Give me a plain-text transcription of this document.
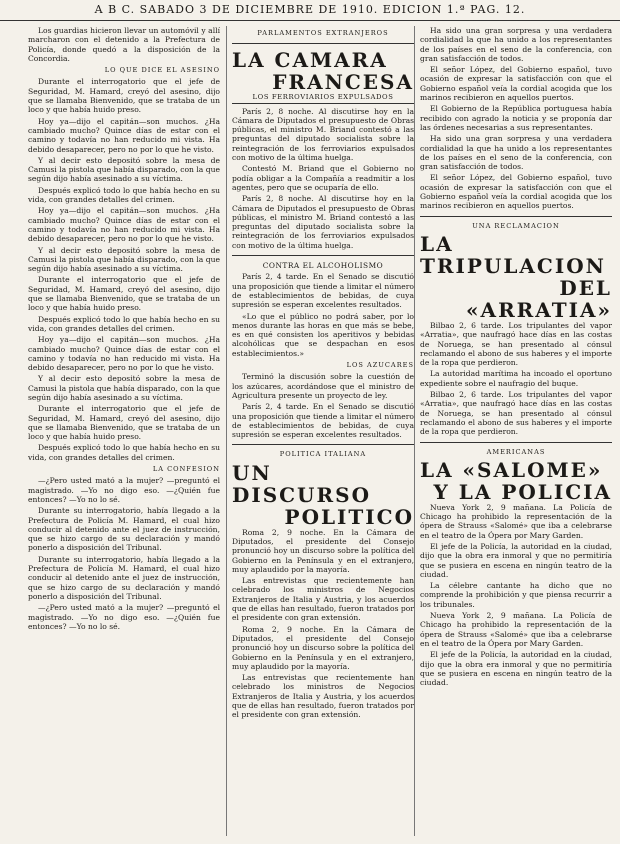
A B C. SABADO 3 DE DICIEMBRE DE 1910. EDICION 1.ª PAG. 12.

Los guardias hicieron llevar un automóvil y allí marcharon con el detenido a la Prefectura de Policía, donde quedó a la disposición de la Concordia.

LO QUE DICE EL ASESINO

Durante el interrogatorio que el jefe de Seguridad, M. Hamard, creyó del asesino, dijo que se llamaba Bienvenido, que se trataba de un loco y que había huido preso.

Hoy ya—dijo el capitán—son muchos. ¿Ha cambiado mucho? Quince días de estar con el camino y todavía no han reducido mi vista. Ha debido desaparecer, pero no por lo que he visto.

Y al decir esto depositó sobre la mesa de Camusi la pistola que había disparado, con la que según dijo había asesinado a su víctima.

Después explicó todo lo que había hecho en su vida, con grandes detalles del crimen.

Hoy ya—dijo el capitán—son muchos. ¿Ha cambiado mucho? Quince días de estar con el camino y todavía no han reducido mi vista. Ha debido desaparecer, pero no por lo que he visto.

Y al decir esto depositó sobre la mesa de Camusi la pistola que había disparado, con la que según dijo había asesinado a su víctima.

Durante el interrogatorio que el jefe de Seguridad, M. Hamard, creyó del asesino, dijo que se llamaba Bienvenido, que se trataba de un loco y que había huido preso.

Después explicó todo lo que había hecho en su vida, con grandes detalles del crimen.

Hoy ya—dijo el capitán—son muchos. ¿Ha cambiado mucho? Quince días de estar con el camino y todavía no han reducido mi vista. Ha debido desaparecer, pero no por lo que he visto.

Y al decir esto depositó sobre la mesa de Camusi la pistola que había disparado, con la que según dijo había asesinado a su víctima.

Durante el interrogatorio que el jefe de Seguridad, M. Hamard, creyó del asesino, dijo que se llamaba Bienvenido, que se trataba de un loco y que había huido preso.

Después explicó todo lo que había hecho en su vida, con grandes detalles del crimen.

LA CONFESION

—¿Pero usted mató a la mujer? —preguntó el magistrado. —Yo no digo eso. —¿Quién fue entonces? —Yo no lo sé.

Durante su interrogatorio, había llegado a la Prefectura de Policía M. Hamard, el cual hizo conducir al detenido ante el juez de instrucción, que se hizo cargo de su declaración y mandó ponerlo a disposición del Tribunal.

Durante su interrogatorio, había llegado a la Prefectura de Policía M. Hamard, el cual hizo conducir al detenido ante el juez de instrucción, que se hizo cargo de su declaración y mandó ponerlo a disposición del Tribunal.

—¿Pero usted mató a la mujer? —preguntó el magistrado. —Yo no digo eso. —¿Quién fue entonces? —Yo no lo sé.

PARLAMENTOS EXTRANJEROS
LA CAMARA
FRANCESA
LOS FERROVIARIOS EXPULSADOS

París 2, 8 noche. Al discutirse hoy en la Cámara de Diputados el presupuesto de Obras públicas, el ministro M. Briand contestó a las preguntas del diputado socialista sobre la reintegración de los ferroviarios expulsados con motivo de la última huelga.

Contestó M. Briand que el Gobierno no podía obligar a la Compañía a readmitir a los agentes, pero que se ocuparía de ello.

París 2, 8 noche. Al discutirse hoy en la Cámara de Diputados el presupuesto de Obras públicas, el ministro M. Briand contestó a las preguntas del diputado socialista sobre la reintegración de los ferroviarios expulsados con motivo de la última huelga.

CONTRA EL ALCOHOLISMO

París 2, 4 tarde. En el Senado se discutió una proposición que tiende a limitar el número de establecimientos de bebidas, de cuya supresión se esperan excelentes resultados.

«Lo que el público no podrá saber, por lo menos durante las horas en que más se bebe, es en qué consisten los aperitivos y bebidas alcohólicas que se despachan en esos establecimientos.»

LOS AZUCARES

Terminó la discusión sobre la cuestión de los azúcares, acordándose que el ministro de Agricultura presente un proyecto de ley.

París 2, 4 tarde. En el Senado se discutió una proposición que tiende a limitar el número de establecimientos de bebidas, de cuya supresión se esperan excelentes resultados.

POLITICA ITALIANA
UN DISCURSO
POLITICO

Roma 2, 9 noche. En la Cámara de Diputados, el presidente del Consejo pronunció hoy un discurso sobre la política del Gobierno en la Península y en el extranjero, muy aplaudido por la mayoría.

Las entrevistas que recientemente han celebrado los ministros de Negocios Extranjeros de Italia y Austria, y los acuerdos que de ellas han resultado, fueron tratados por el presidente con gran extensión.

Roma 2, 9 noche. En la Cámara de Diputados, el presidente del Consejo pronunció hoy un discurso sobre la política del Gobierno en la Península y en el extranjero, muy aplaudido por la mayoría.

Las entrevistas que recientemente han celebrado los ministros de Negocios Extranjeros de Italia y Austria, y los acuerdos que de ellas han resultado, fueron tratados por el presidente con gran extensión.

Ha sido una gran sorpresa y una verdadera cordialidad la que ha unido a los representantes de los países en el seno de la conferencia, con gran satisfacción de todos.

El señor López, del Gobierno español, tuvo ocasión de expresar la satisfacción con que el Gobierno español veía la cordial acogida que los marinos recibieron en aquellos puertos.

El Gobierno de la República portuguesa había recibido con agrado la noticia y se proponía dar las órdenes necesarias a sus representantes.

Ha sido una gran sorpresa y una verdadera cordialidad la que ha unido a los representantes de los países en el seno de la conferencia, con gran satisfacción de todos.

El señor López, del Gobierno español, tuvo ocasión de expresar la satisfacción con que el Gobierno español veía la cordial acogida que los marinos recibieron en aquellos puertos.

UNA RECLAMACION
LA TRIPULACION
DEL «ARRATIA»

Bilbao 2, 6 tarde. Los tripulantes del vapor «Arratia», que naufragó hace días en las costas de Noruega, se han presentado al cónsul reclamando el abono de sus haberes y el importe de la ropa que perdieron.

La autoridad marítima ha incoado el oportuno expediente sobre el naufragio del buque.

Bilbao 2, 6 tarde. Los tripulantes del vapor «Arratia», que naufragó hace días en las costas de Noruega, se han presentado al cónsul reclamando el abono de sus haberes y el importe de la ropa que perdieron.

AMERICANAS
LA «SALOME»
Y LA POLICIA

Nueva York 2, 9 mañana. La Policía de Chicago ha prohibido la representación de la ópera de Strauss «Salomé» que iba a celebrarse en el teatro de la Ópera por Mary Garden.

El jefe de la Policía, la autoridad en la ciudad, dijo que la obra era inmoral y que no permitiría que se pusiera en escena en ningún teatro de la ciudad.

La célebre cantante ha dicho que no comprende la prohibición y que piensa recurrir a los tribunales.

Nueva York 2, 9 mañana. La Policía de Chicago ha prohibido la representación de la ópera de Strauss «Salomé» que iba a celebrarse en el teatro de la Ópera por Mary Garden.

El jefe de la Policía, la autoridad en la ciudad, dijo que la obra era inmoral y que no permitiría que se pusiera en escena en ningún teatro de la ciudad.
